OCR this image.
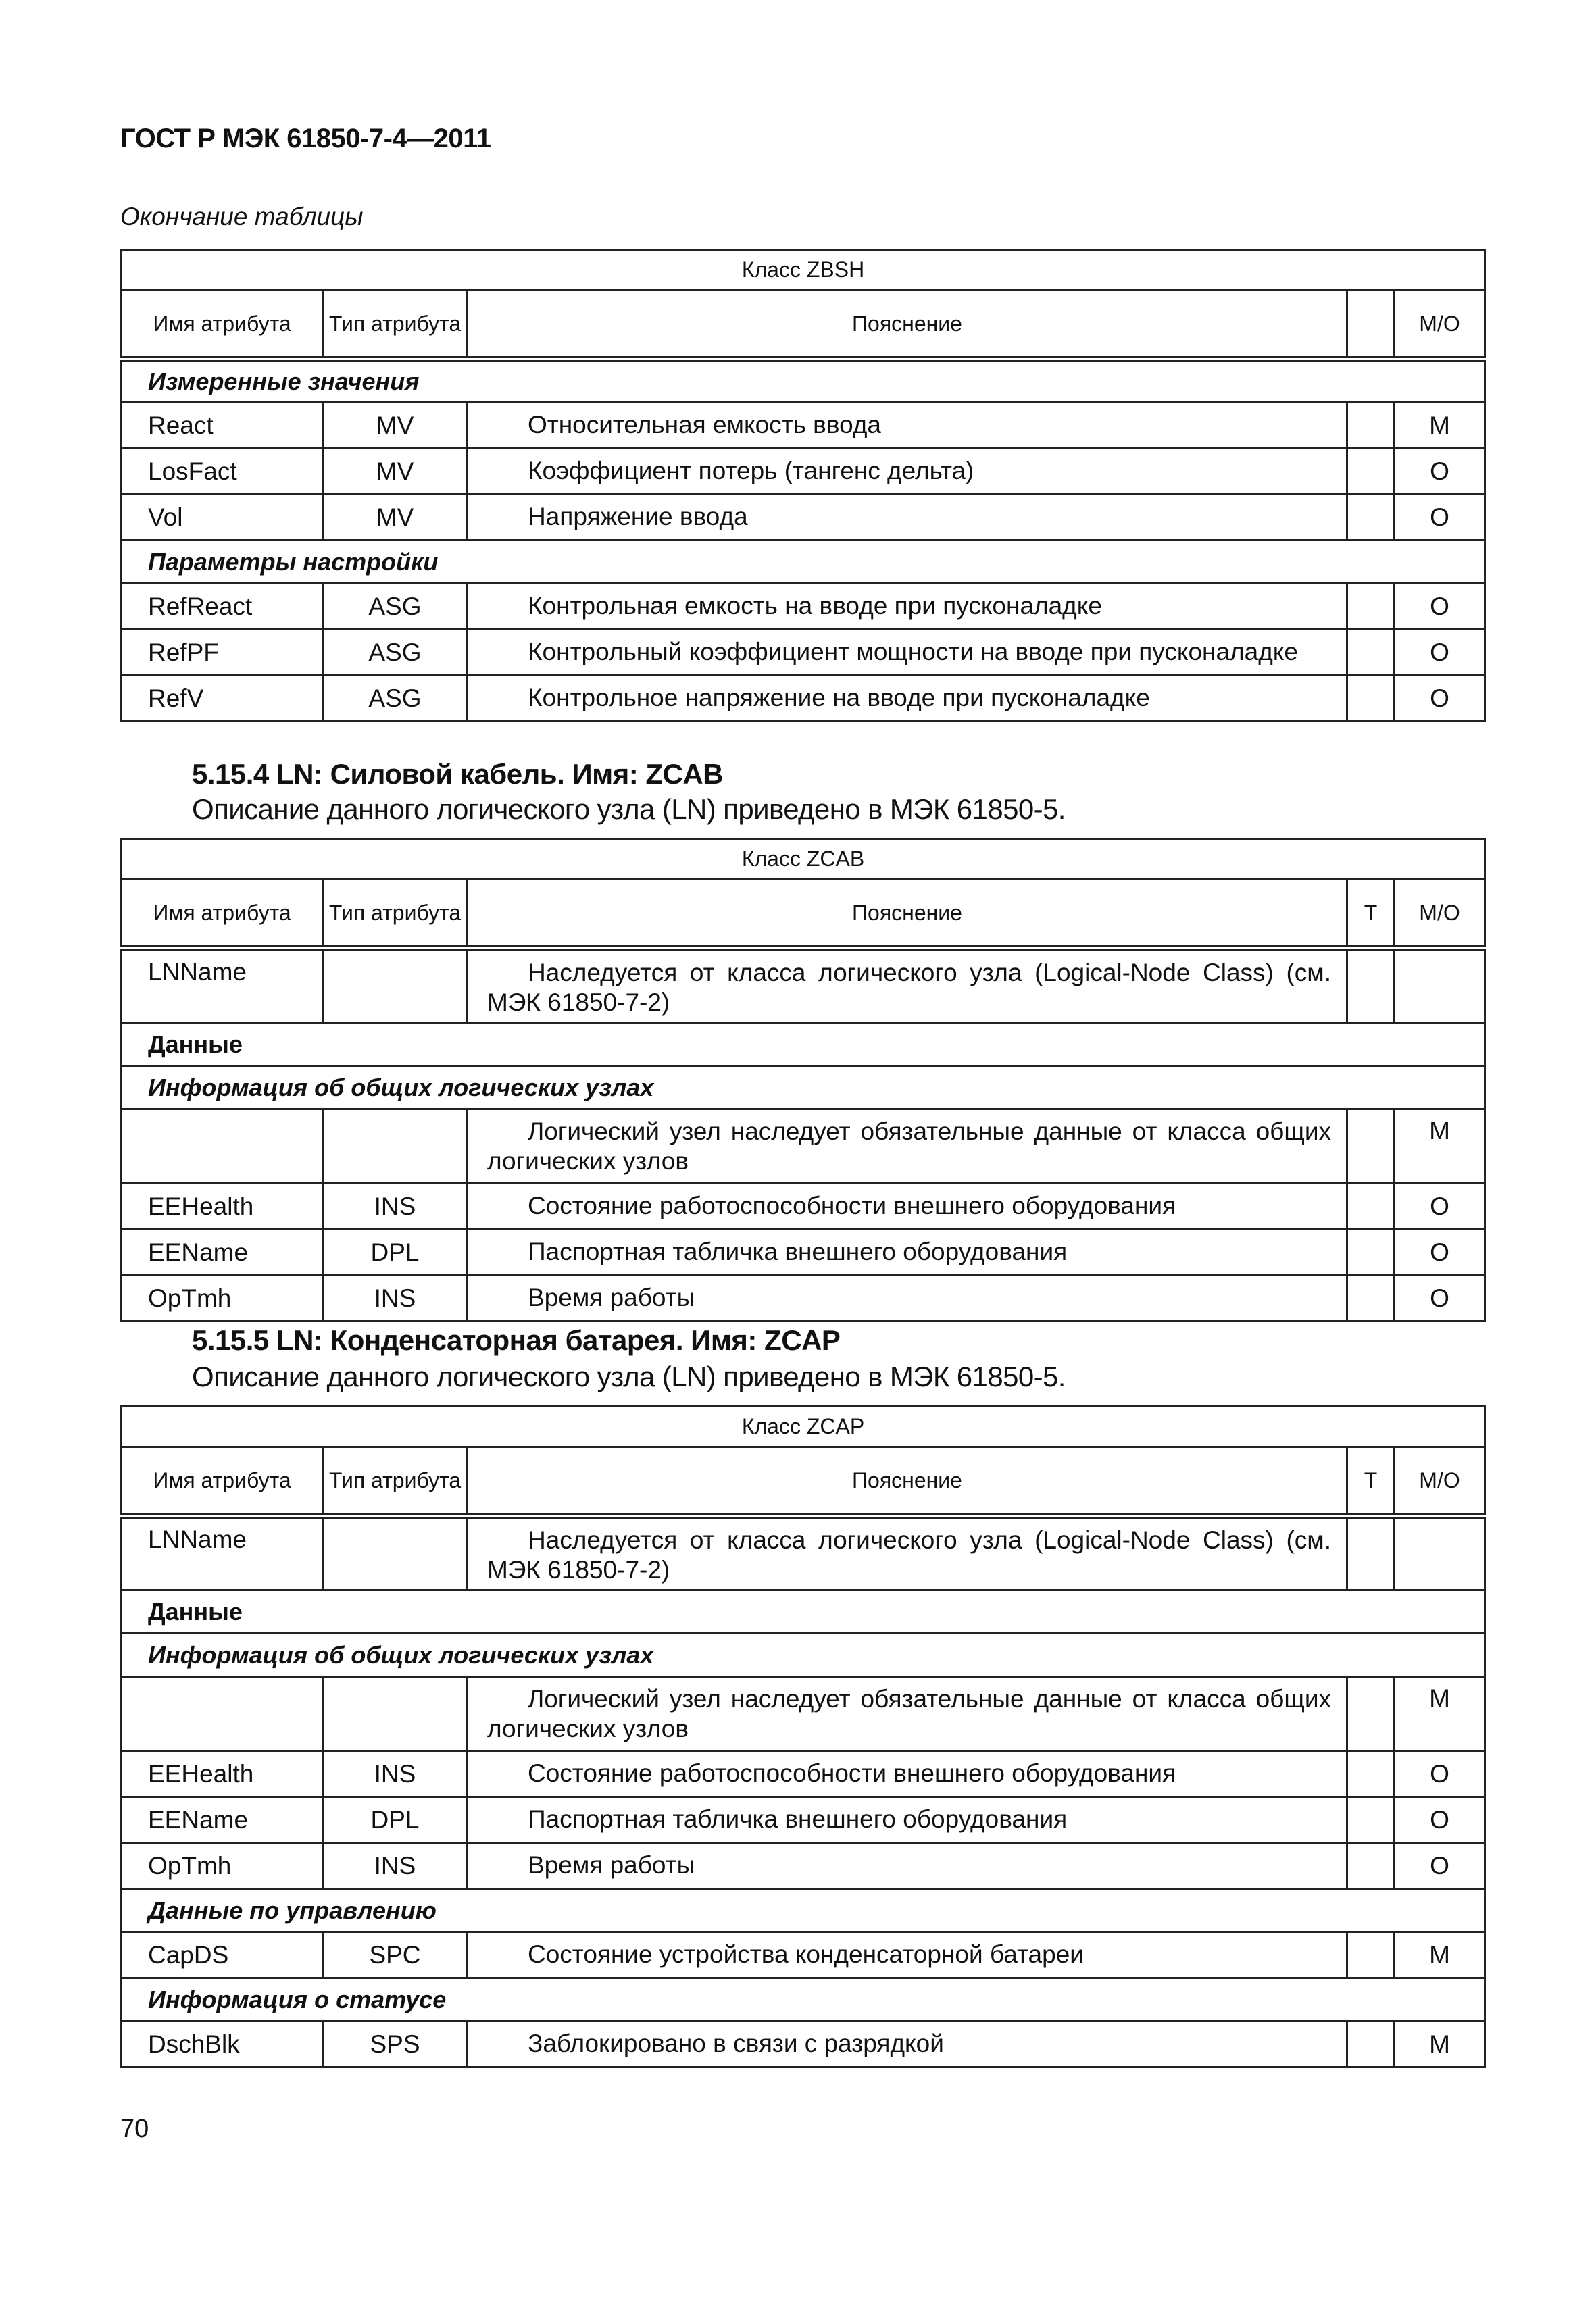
ГОСТ Р МЭК 61850-7-4—2011
Окончание таблицы
Класс ZBSH				
Имя атрибута	Тип атрибута	Пояснение		M/O
Измеренные значения				
React	MV	Относительная емкость ввода		M
LosFact	MV	Коэффициент потерь (тангенс дельта)		O
Vol	MV	Напряжение ввода		O
Параметры настройки				
RefReact	ASG	Контрольная емкость на вводе при пусконаладке		O
RefPF	ASG	Контрольный коэффициент мощности на вводе при пусконаладке		O
RefV	ASG	Контрольное напряжение на вводе при пусконаладке		O
5.15.4 LN: Силовой кабель. Имя: ZCAB
Описание данного логического узла (LN) приведено в МЭК 61850-5.
Класс ZCAB				
Имя атрибута	Тип атрибута	Пояснение	Т	M/O
LNName		Наследуется от класса логического узла (Logical-Node Class) (см. МЭК 61850-7-2)		
Данные				
Информация об общих логических узлах				
		Логический узел наследует обязательные данные от класса общих логических узлов		M
EEHealth	INS	Состояние работоспособности внешнего оборудования		O
EEName	DPL	Паспортная табличка внешнего оборудования		O
OpTmh	INS	Время работы		O
5.15.5 LN: Конденсаторная батарея. Имя: ZCAP
Описание данного логического узла (LN) приведено в МЭК 61850-5.
Класс ZCAP				
Имя атрибута	Тип атрибута	Пояснение	Т	M/O
LNName		Наследуется от класса логического узла (Logical-Node Class) (см. МЭК 61850-7-2)		
Данные				
Информация об общих логических узлах				
		Логический узел наследует обязательные данные от класса общих логических узлов		M
EEHealth	INS	Состояние работоспособности внешнего оборудования		O
EEName	DPL	Паспортная табличка внешнего оборудования		O
OpTmh	INS	Время работы		O
Данные по управлению				
CapDS	SPC	Состояние устройства конденсаторной батареи		M
Информация о статусе				
DschBlk	SPS	Заблокировано в связи с разрядкой		M
70
